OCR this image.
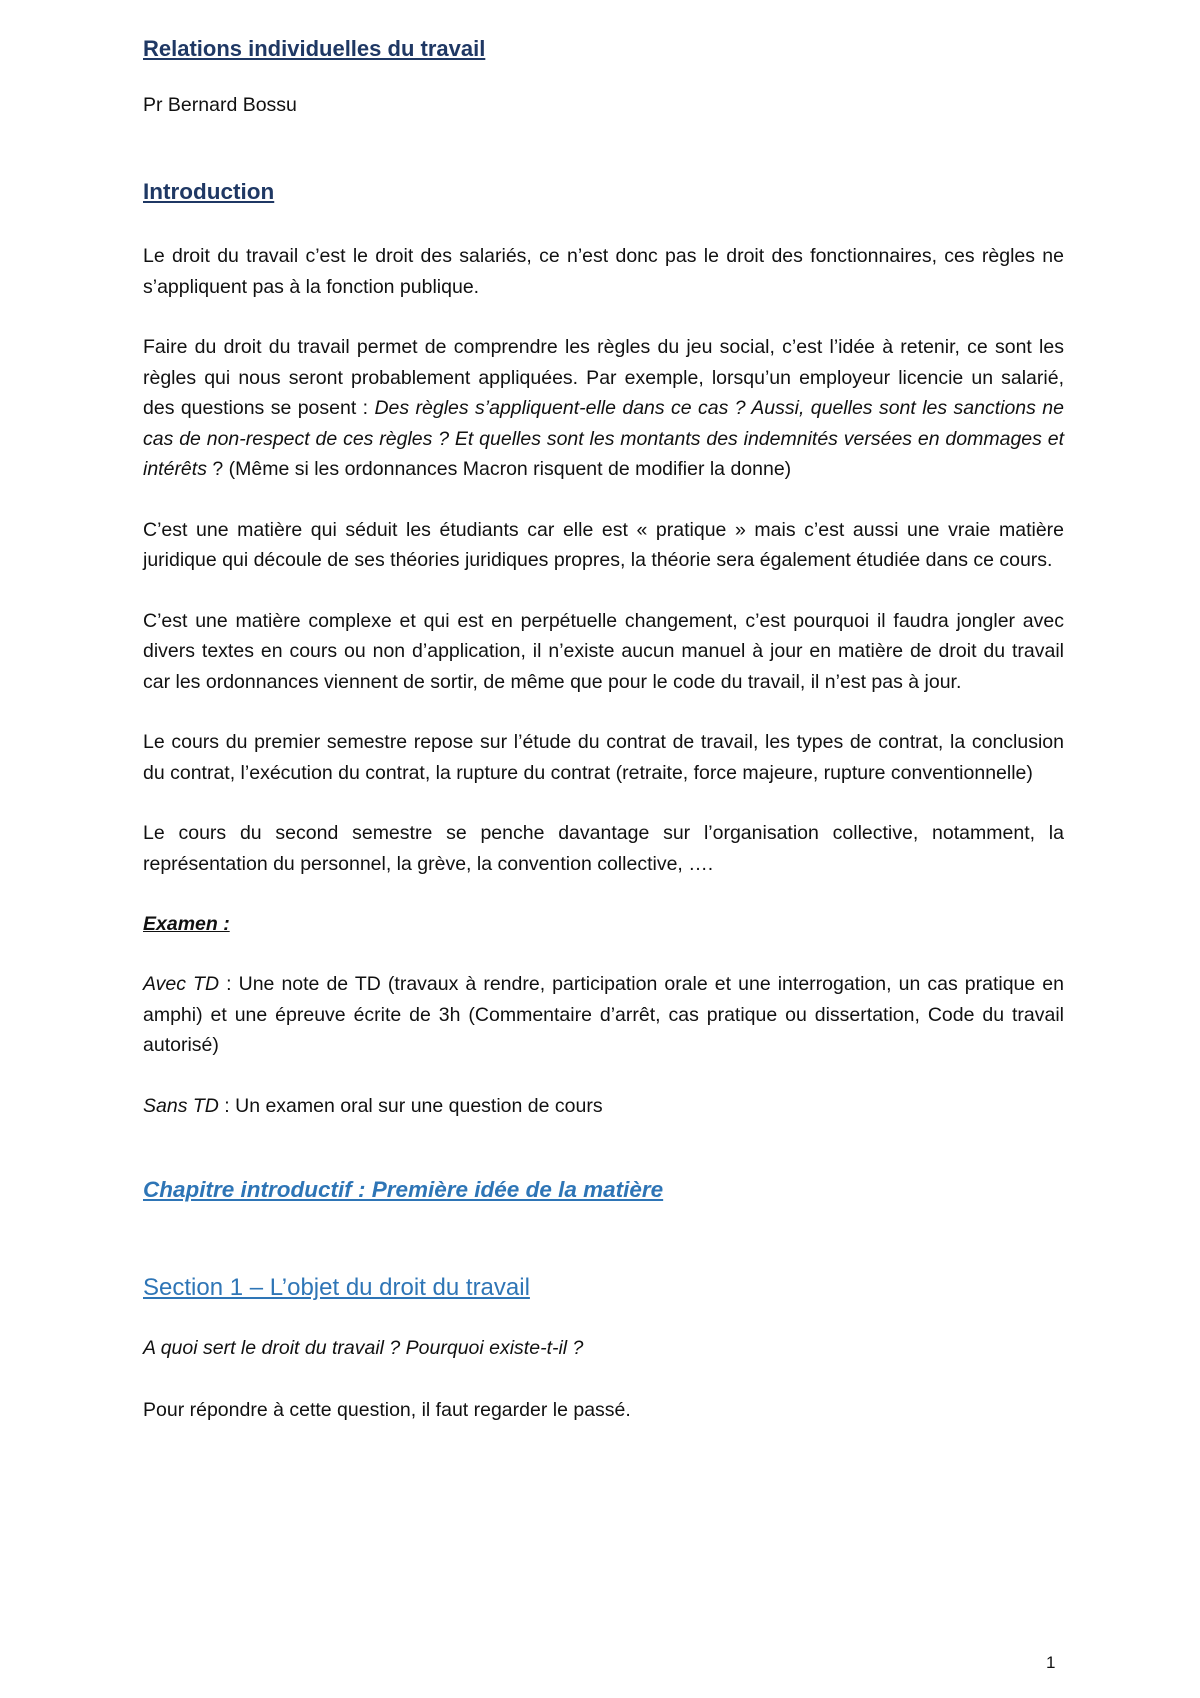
Relations individuelles du travail
Pr Bernard Bossu
Introduction

Le droit du travail c’est le droit des salariés, ce n’est donc pas le droit des fonctionnaires, ces règles ne s’appliquent pas à la fonction publique.

Faire du droit du travail permet de comprendre les règles du jeu social, c’est l’idée à retenir, ce sont les règles qui nous seront probablement appliquées. Par exemple, lorsqu’un employeur licencie un salarié, des questions se posent : Des règles s’appliquent-elle dans ce cas ? Aussi, quelles sont les sanctions ne cas de non-respect de ces règles ? Et quelles sont les montants des indemnités versées en dommages et intérêts ? (Même si les ordonnances Macron risquent de modifier la donne)

C’est une matière qui séduit les étudiants car elle est « pratique » mais c’est aussi une vraie matière juridique qui découle de ses théories juridiques propres, la théorie sera également étudiée dans ce cours.

C’est une matière complexe et qui est en perpétuelle changement, c’est pourquoi il faudra jongler avec divers textes en cours ou non d’application, il n’existe aucun manuel à jour en matière de droit du travail car les ordonnances viennent de sortir, de même que pour le code du travail, il n’est pas à jour.

Le cours du premier semestre repose sur l’étude du contrat de travail, les types de contrat, la conclusion du contrat, l’exécution du contrat, la rupture du contrat (retraite, force majeure, rupture conventionnelle)

Le cours du second semestre se penche davantage sur l’organisation collective, notamment, la représentation du personnel, la grève, la convention collective, ….

Examen :

Avec TD : Une note de TD (travaux à rendre, participation orale et une interrogation, un cas pratique en amphi) et une épreuve écrite de 3h (Commentaire d’arrêt, cas pratique ou dissertation, Code du travail autorisé)

Sans TD : Un examen oral sur une question de cours

Chapitre introductif : Première idée de la matière
Section 1 – L’objet du droit du travail
A quoi sert le droit du travail ? Pourquoi existe-t-il ?
Pour répondre à cette question, il faut regarder le passé.
1
